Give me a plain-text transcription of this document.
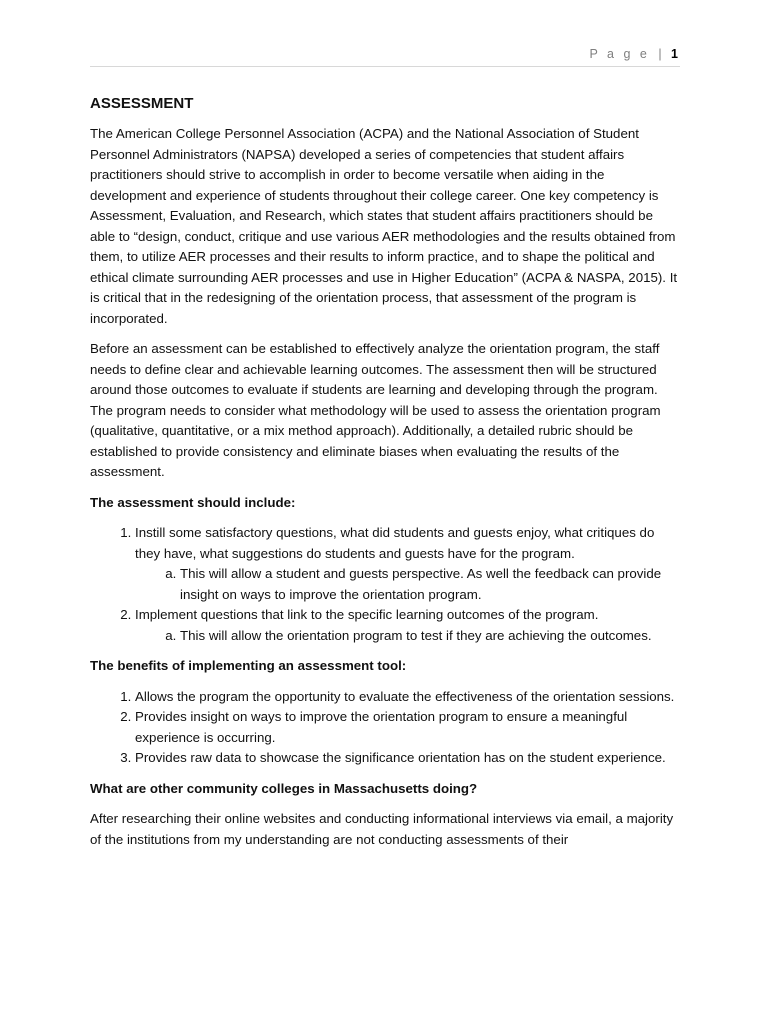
P a g e | 1
ASSESSMENT

The American College Personnel Association (ACPA) and the National Association of Student Personnel Administrators (NAPSA) developed a series of competencies that student affairs practitioners should strive to accomplish in order to become versatile when aiding in the development and experience of students throughout their college career. One key competency is Assessment, Evaluation, and Research, which states that student affairs practitioners should be able to “design, conduct, critique and use various AER methodologies and the results obtained from them, to utilize AER processes and their results to inform practice, and to shape the political and ethical climate surrounding AER processes and use in Higher Education” (ACPA & NASPA, 2015). It is critical that in the redesigning of the orientation process, that assessment of the program is incorporated.

Before an assessment can be established to effectively analyze the orientation program, the staff needs to define clear and achievable learning outcomes. The assessment then will be structured around those outcomes to evaluate if students are learning and developing through the program. The program needs to consider what methodology will be used to assess the orientation program (qualitative, quantitative, or a mix method approach). Additionally, a detailed rubric should be established to provide consistency and eliminate biases when evaluating the results of the assessment.

The assessment should include:
1. Instill some satisfactory questions, what did students and guests enjoy, what critiques do they have, what suggestions do students and guests have for the program.
a. This will allow a student and guests perspective. As well the feedback can provide insight on ways to improve the orientation program.
2. Implement questions that link to the specific learning outcomes of the program.
a. This will allow the orientation program to test if they are achieving the outcomes.
The benefits of implementing an assessment tool:
1. Allows the program the opportunity to evaluate the effectiveness of the orientation sessions.
2. Provides insight on ways to improve the orientation program to ensure a meaningful experience is occurring.
3. Provides raw data to showcase the significance orientation has on the student experience.
What are other community colleges in Massachusetts doing?

After researching their online websites and conducting informational interviews via email, a majority of the institutions from my understanding are not conducting assessments of their
